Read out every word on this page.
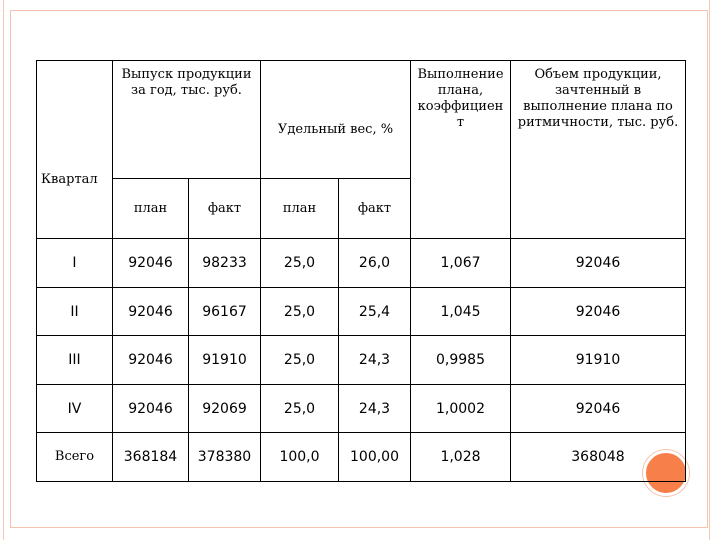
Квартал	Выпуск продукции за год, тыс. руб.		Удельный вес, %		Выполнение плана, коэффициен т	Объем продукции, зачтенный в выполнение плана по ритмичности, тыс. руб.

	план	факт	план	факт		
I	92046	98233	25,0	26,0	1,067	92046
II	92046	96167	25,0	25,4	1,045	92046
III	92046	91910	25,0	24,3	0,9985	91910
IV	92046	92069	25,0	24,3	1,0002	92046
Всего	368184	378380	100,0	100,00	1,028	368048
